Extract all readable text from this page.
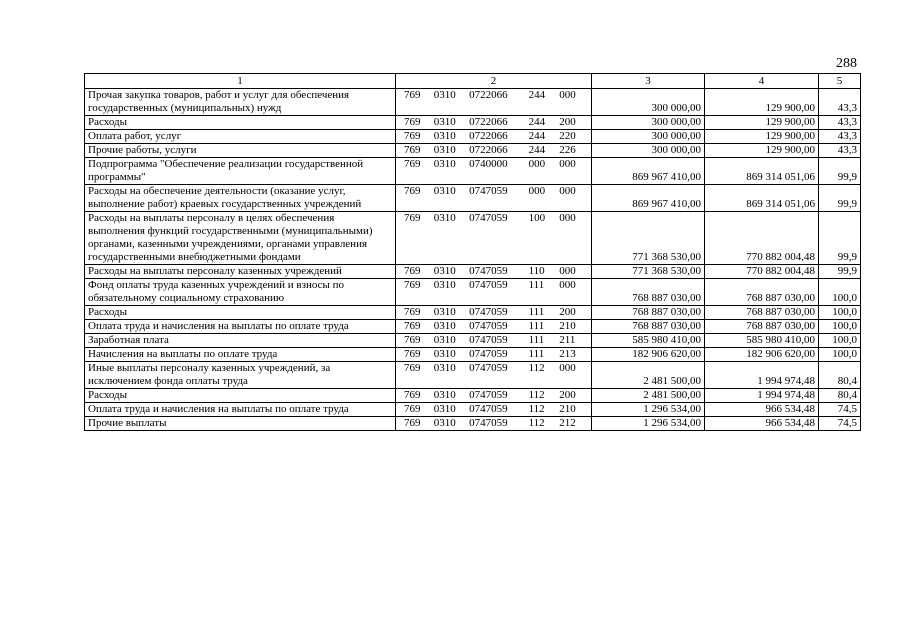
288
1	2	3	4	5
Прочая закупка товаров, работ и услуг для обеспечения государственных (муниципальных) нужд	769 0310 0722066 244 000	300 000,00	129 900,00	43,3
Расходы	769 0310 0722066 244 200	300 000,00	129 900,00	43,3
Оплата работ, услуг	769 0310 0722066 244 220	300 000,00	129 900,00	43,3
Прочие работы, услуги	769 0310 0722066 244 226	300 000,00	129 900,00	43,3
Подпрограмма "Обеспечение реализации государственной программы"	769 0310 0740000 000 000	869 967 410,00	869 314 051,06	99,9
Расходы на обеспечение деятельности (оказание услуг, выполнение работ) краевых государственных учреждений	769 0310 0747059 000 000	869 967 410,00	869 314 051,06	99,9
Расходы на выплаты персоналу в целях обеспечения выполнения функций государственными (муниципальными) органами, казенными учреждениями, органами управления государственными внебюджетными фондами	769 0310 0747059 100 000	771 368 530,00	770 882 004,48	99,9
Расходы на выплаты персоналу казенных учреждений	769 0310 0747059 110 000	771 368 530,00	770 882 004,48	99,9
Фонд оплаты труда казенных учреждений и взносы по обязательному социальному страхованию	769 0310 0747059 111 000	768 887 030,00	768 887 030,00	100,0
Расходы	769 0310 0747059 111 200	768 887 030,00	768 887 030,00	100,0
Оплата труда и начисления на выплаты по оплате труда	769 0310 0747059 111 210	768 887 030,00	768 887 030,00	100,0
Заработная плата	769 0310 0747059 111 211	585 980 410,00	585 980 410,00	100,0
Начисления на выплаты по оплате труда	769 0310 0747059 111 213	182 906 620,00	182 906 620,00	100,0
Иные выплаты персоналу казенных учреждений, за исключением фонда оплаты труда	769 0310 0747059 112 000	2 481 500,00	1 994 974,48	80,4
Расходы	769 0310 0747059 112 200	2 481 500,00	1 994 974,48	80,4
Оплата труда и начисления на выплаты по оплате труда	769 0310 0747059 112 210	1 296 534,00	966 534,48	74,5
Прочие выплаты	769 0310 0747059 112 212	1 296 534,00	966 534,48	74,5
